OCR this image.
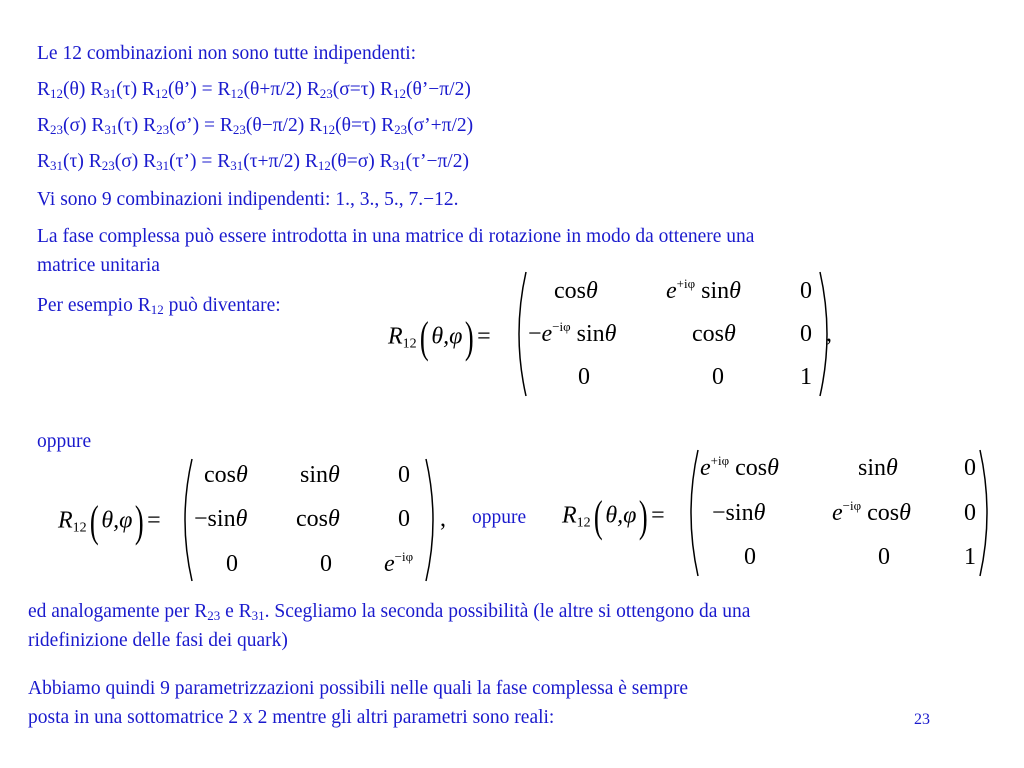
Le 12 combinazioni non sono tutte indipendenti:
$R_{12}(\theta)$ $R_{31}(\tau)$ $R_{12}(\theta’) = R_{12}(\theta+\pi/2)$ $R_{23}(\sigma=\tau)$ $R_{12}(\theta’-\pi/2)$
$R_{23}(\sigma)$ $R_{31}(\tau)$ $R_{23}(\sigma’) = R_{23}(\theta-\pi/2)$ $R_{12}(\theta=\tau)$ $R_{23}(\sigma’+\pi/2)$
$R_{31}(\tau)$ $R_{23}(\sigma)$ $R_{31}(\tau’) = R_{31}(\tau+\pi/2)$ $R_{12}(\theta=\sigma)$ $R_{31}(\tau’-\pi/2)$
Vi sono 9 combinazioni indipendenti: 1., 3., 5., 7.−12.
La fase complessa può essere introdotta in una matrice di rotazione in modo da ottenere una
matrice unitaria
Per esempio $R_{12}$ può diventare:
R12( θ,φ) =
cosθ	$e^{+i\varphi}$ sinθ 0
$-e^{-i\varphi}$ sinθ	cosθ	0
0	0	1
,
oppure
R12( θ,φ) =
cosθ sinθ 0
−sinθ cosθ 0
0	0 $e^{-i\varphi}$
, oppure R12( θ,φ) =
$e^{+i\varphi}$ cosθ	sinθ	0
−sinθ	$e^{-i\varphi}$ cosθ 0
0	0	1
ed analogamente per $R_{23}$ e $R_{31}$. Scegliamo la seconda possibilità (le altre si ottengono da una
ridefinizione delle fasi dei quark)
Abbiamo quindi 9 parametrizzazioni possibili nelle quali la fase complessa è sempre
posta in una sottomatrice 2 x 2 mentre gli altri parametri sono reali:	23
